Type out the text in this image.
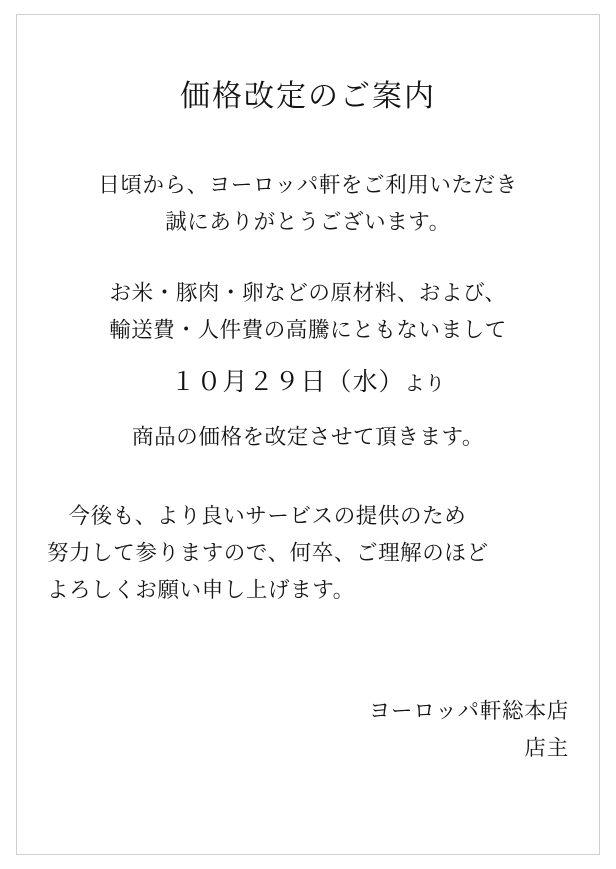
価格改定のご案内

日頃から、ヨーロッパ軒をご利用いただき
誠にありがとうございます。

お米・豚肉・卵などの原材料、および、
輸送費・人件費の高騰にともないまして

１０月２９日（水）より

商品の価格を改定させて頂きます。

今後も、より良いサービスの提供のため
努力して参りますので、何卒、ご理解のほど
よろしくお願い申し上げます。

ヨーロッパ軒総本店
店主
